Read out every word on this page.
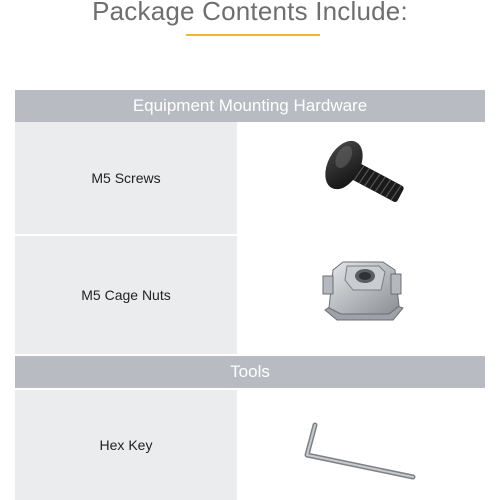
Package Contents Include:
Equipment Mounting Hardware
M5 Screws
M5 Cage Nuts
Tools
Hex Key
